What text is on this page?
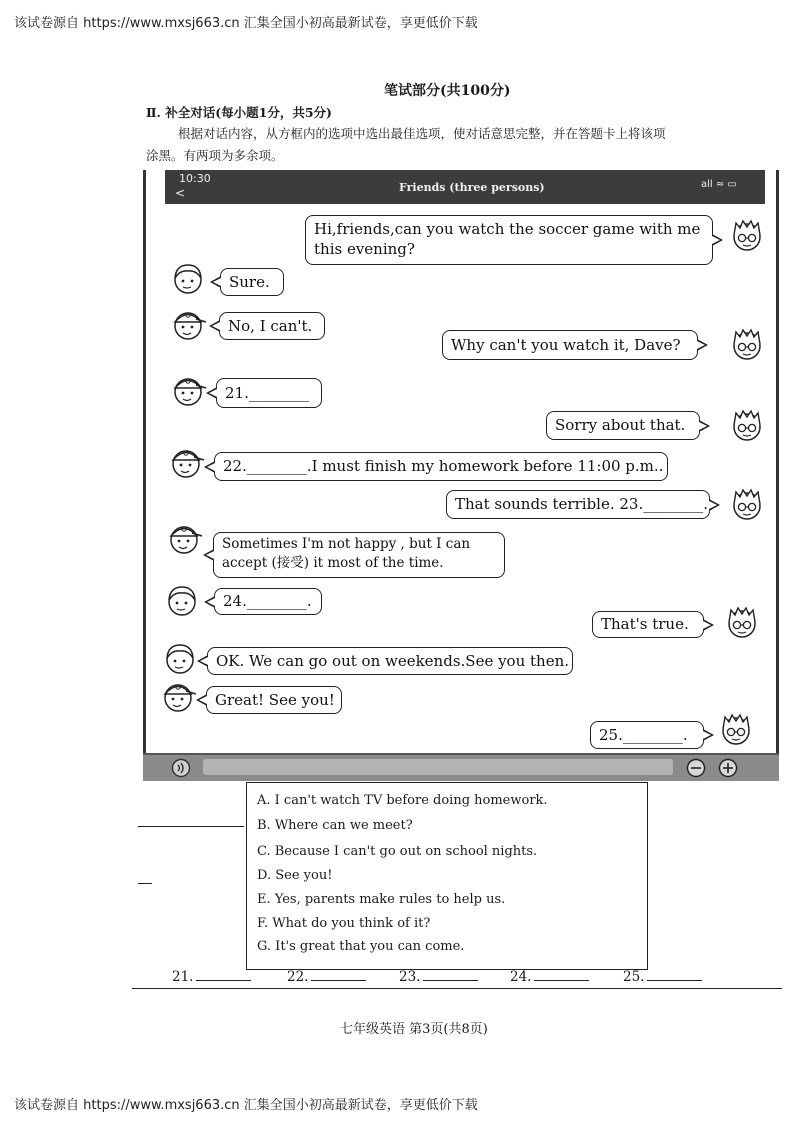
该试卷源自 https://www.mxsj663.cn 汇集全国小初高最新试卷，享更低价下载
该试卷源自 https://www.mxsj663.cn 汇集全国小初高最新试卷，享更低价下载
笔试部分(共100分)
Ⅱ. 补全对话(每小题1分，共5分)
根据对话内容，从方框内的选项中选出最佳选项，使对话意思完整，并在答题卡上将该项
涂黑。有两项为多余项。
10:30
<	Friends (three persons)	all ≈ ▭
Hi,friends,can you watch the soccer game with me
this evening?
Sure.
No, I can't.
Why can't you watch it, Dave?
21.________
Sorry about that.
22.________.I must finish my homework before 11:00 p.m..
That sounds terrible. 23.________.
Sometimes I'm not happy , but I can
accept (接受) it most of the time.
24.________.
That's true.
OK. We can go out on weekends.See you then.
Great! See you!
25.________.
A. I can't watch TV before doing homework.
B. Where can we meet?
C. Because I can't go out on school nights.
D. See you!
E. Yes, parents make rules to help us.
F. What do you think of it?
G. It's great that you can come.
21.	22.	23.	24.	25.
七年级英语 第3页(共8页)
